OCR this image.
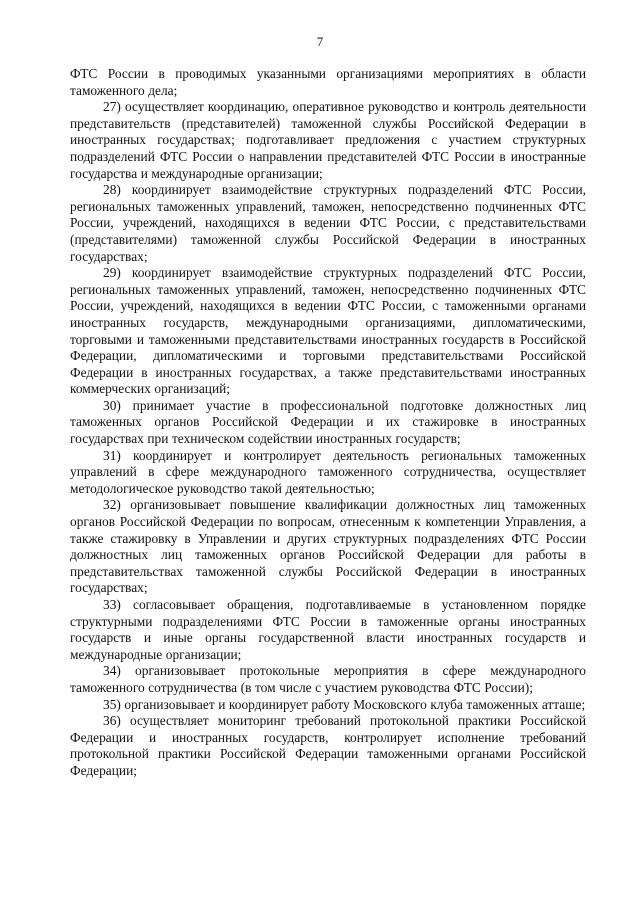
7

ФТС России в проводимых указанными организациями мероприятиях в области таможенного дела;

27) осуществляет координацию, оперативное руководство и контроль деятельности представительств (представителей) таможенной службы Российской Федерации в иностранных государствах; подготавливает предложения с участием структурных подразделений ФТС России о направлении представителей ФТС России в иностранные государства и международные организации;

28) координирует взаимодействие структурных подразделений ФТС России, региональных таможенных управлений, таможен, непосредственно подчиненных ФТС России, учреждений, находящихся в ведении ФТС России, с представительствами (представителями) таможенной службы Российской Федерации в иностранных государствах;

29) координирует взаимодействие структурных подразделений ФТС России, региональных таможенных управлений, таможен, непосредственно подчиненных ФТС России, учреждений, находящихся в ведении ФТС России, с таможенными органами иностранных государств, международными организациями, дипломатическими, торговыми и таможенными представительствами иностранных государств в Российской Федерации, дипломатическими и торговыми представительствами Российской Федерации в иностранных государствах, а также представительствами иностранных коммерческих организаций;

30) принимает участие в профессиональной подготовке должностных лиц таможенных органов Российской Федерации и их стажировке в иностранных государствах при техническом содействии иностранных государств;

31) координирует и контролирует деятельность региональных таможенных управлений в сфере международного таможенного сотрудничества, осуществляет методологическое руководство такой деятельностью;

32) организовывает повышение квалификации должностных лиц таможенных органов Российской Федерации по вопросам, отнесенным к компетенции Управления, а также стажировку в Управлении и других структурных подразделениях ФТС России должностных лиц таможенных органов Российской Федерации для работы в представительствах таможенной службы Российской Федерации в иностранных государствах;

33) согласовывает обращения, подготавливаемые в установленном порядке структурными подразделениями ФТС России в таможенные органы иностранных государств и иные органы государственной власти иностранных государств и международные организации;

34) организовывает протокольные мероприятия в сфере международного таможенного сотрудничества (в том числе с участием руководства ФТС России);

35) организовывает и координирует работу Московского клуба таможенных атташе;

36) осуществляет мониторинг требований протокольной практики Российской Федерации и иностранных государств, контролирует исполнение требований протокольной практики Российской Федерации таможенными органами Российской Федерации;
